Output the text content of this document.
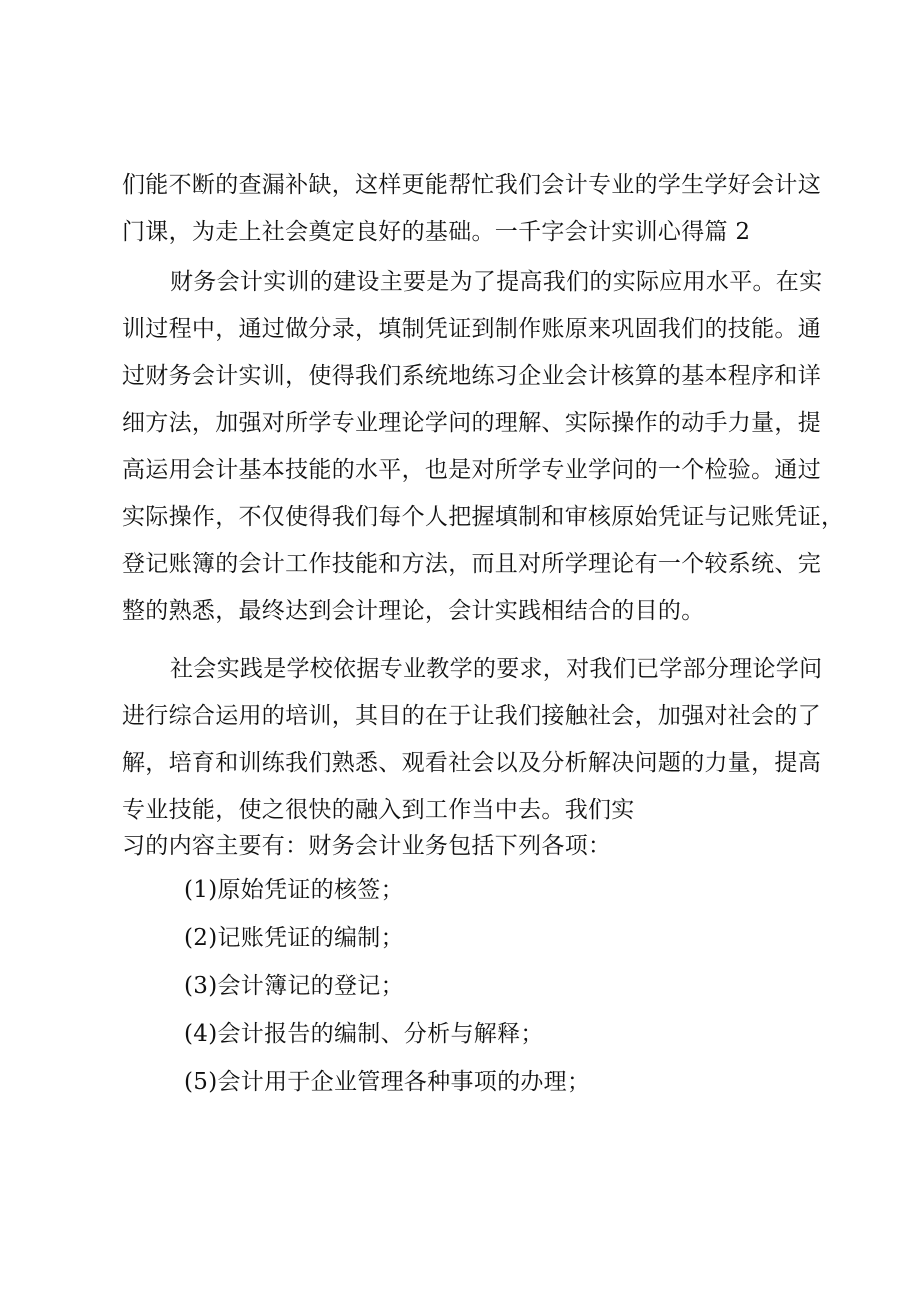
们能不断的查漏补缺，这样更能帮忙我们会计专业的学生学好会计这
门课，为走上社会奠定良好的基础。一千字会计实训心得篇 2
财务会计实训的建设主要是为了提高我们的实际应用水平。在实
训过程中，通过做分录，填制凭证到制作账原来巩固我们的技能。通
过财务会计实训，使得我们系统地练习企业会计核算的基本程序和详
细方法，加强对所学专业理论学问的理解、实际操作的动手力量，提
高运用会计基本技能的水平，也是对所学专业学问的一个检验。通过
实际操作，不仅使得我们每个人把握填制和审核原始凭证与记账凭证，
登记账簿的会计工作技能和方法，而且对所学理论有一个较系统、完
整的熟悉，最终达到会计理论，会计实践相结合的目的。
社会实践是学校依据专业教学的要求，对我们已学部分理论学问
进行综合运用的培训，其目的在于让我们接触社会，加强对社会的了
解，培育和训练我们熟悉、观看社会以及分析解决问题的力量，提高
专业技能，使之很快的融入到工作当中去。我们实
习的内容主要有：财务会计业务包括下列各项：
(1)原始凭证的核签；
(2)记账凭证的编制；
(3)会计簿记的登记；
(4)会计报告的编制、分析与解释；
(5)会计用于企业管理各种事项的办理；
